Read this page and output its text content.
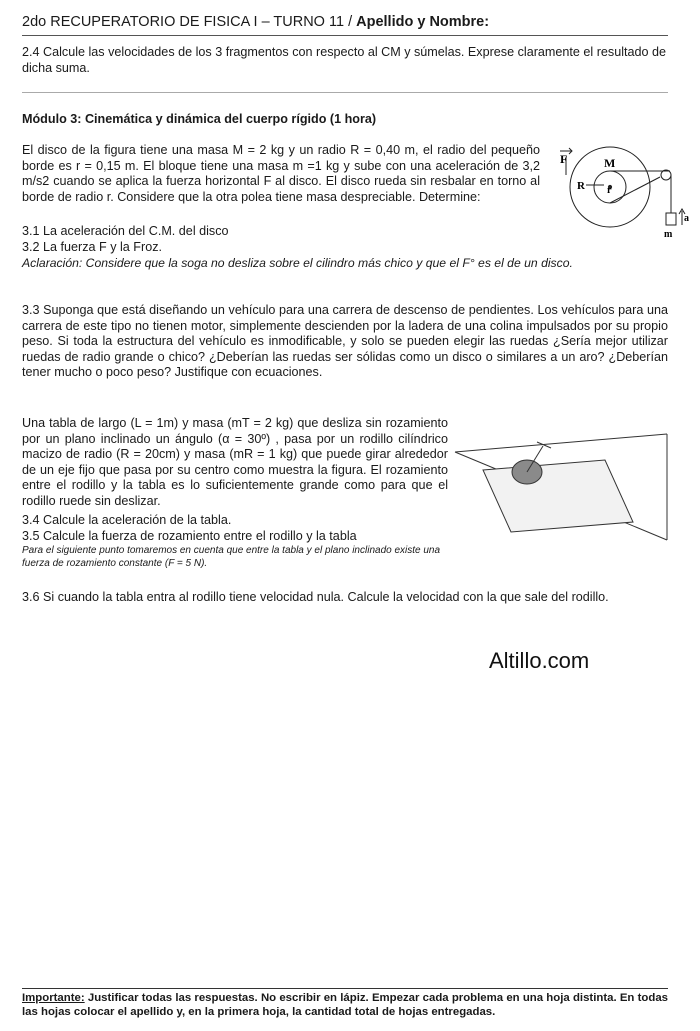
2do RECUPERATORIO DE FISICA I – TURNO 11 / Apellido y Nombre:
2.4 Calcule las velocidades de los 3 fragmentos con respecto al CM y súmelas. Exprese claramente el resultado de dicha suma.
Módulo 3: Cinemática y dinámica del cuerpo rígido (1 hora)
El disco de la figura tiene una masa M = 2 kg y un radio R = 0,40 m, el radio del pequeño borde es r = 0,15 m. El bloque tiene una masa m =1 kg y sube con una aceleración de 3,2 m/s2 cuando se aplica la fuerza horizontal F al disco. El disco rueda sin resbalar en torno al borde de radio r. Considere que la otra polea tiene masa despreciable. Determine:
3.1 La aceleración del C.M. del disco
3.2 La fuerza F y la Froz.
Aclaración: Considere que la soga no desliza sobre el cilindro más chico y que el F° es el de un disco.
F	M
R r
a
m
3.3 Suponga que está diseñando un vehículo para una carrera de descenso de pendientes. Los vehículos para una carrera de este tipo no tienen motor, simplemente descienden por la ladera de una colina impulsados por su propio peso. Si toda la estructura del vehículo es inmodificable, y solo se pueden elegir las ruedas ¿Sería mejor utilizar ruedas de radio grande o chico? ¿Deberían las ruedas ser sólidas como un disco o similares a un aro? ¿Deberían tener mucho o poco peso? Justifique con ecuaciones.
Una tabla de largo (L = 1m) y masa (mT = 2 kg) que desliza sin rozamiento por un plano inclinado un ángulo (α = 30º) , pasa por un rodillo cilíndrico macizo de radio (R = 20cm) y masa (mR = 1 kg) que puede girar alrededor de un eje fijo que pasa por su centro como muestra la figura. El rozamiento entre el rodillo y la tabla es lo suficientemente grande como para que el rodillo ruede sin deslizar.
3.4 Calcule la aceleración de la tabla.
3.5 Calcule la fuerza de rozamiento entre el rodillo y la tabla
Para el siguiente punto tomaremos en cuenta que entre la tabla y el plano inclinado existe una fuerza de rozamiento constante (F = 5 N).
3.6 Si cuando la tabla entra al rodillo tiene velocidad nula. Calcule la velocidad con la que sale del rodillo.
Altillo.com
Importante: Justificar todas las respuestas. No escribir en lápiz. Empezar cada problema en una hoja distinta. En todas las hojas colocar el apellido y, en la primera hoja, la cantidad total de hojas entregadas.
